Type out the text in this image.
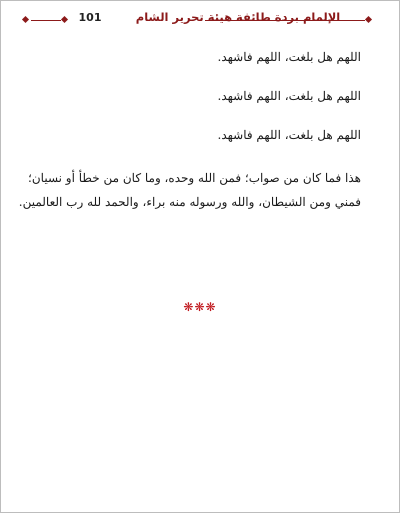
101	الإلمام بردة طائفة هيئة تحرير الشام

اللهم هل بلغت، اللهم فاشهد.

اللهم هل بلغت، اللهم فاشهد.

اللهم هل بلغت، اللهم فاشهد.

هذا فما كان من صواب؛ فمن الله وحده، وما كان من خطأ أو نسيان؛

فمني ومن الشيطان، والله ورسوله منه براء، والحمد لله رب العالمين.

❋❋❋
